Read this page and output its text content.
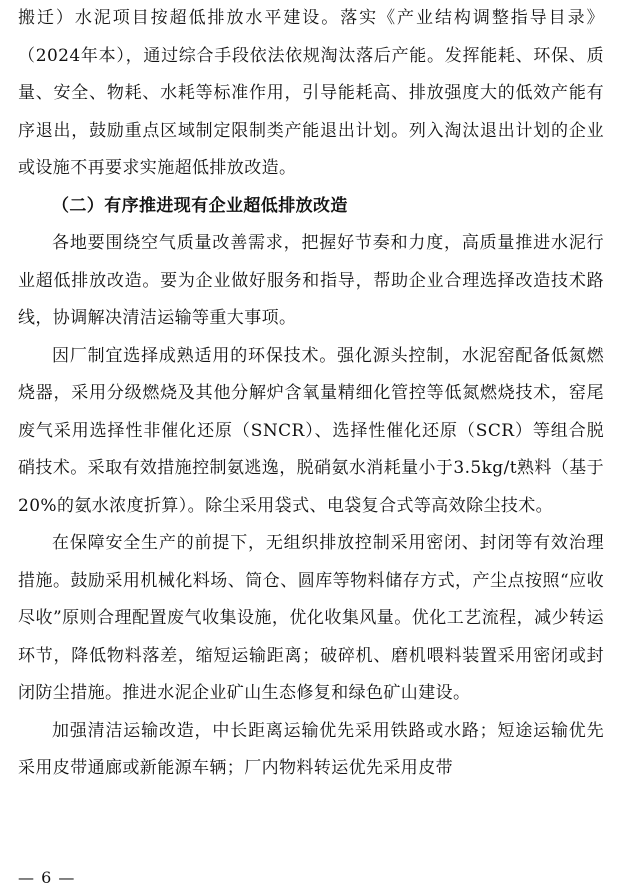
搬迁）水泥项目按超低排放水平建设。落实《产业结构调整指导目录》（2024年本），通过综合手段依法依规淘汰落后产能。发挥能耗、环保、质量、安全、物耗、水耗等标准作用，引导能耗高、排放强度大的低效产能有序退出，鼓励重点区域制定限制类产能退出计划。列入淘汰退出计划的企业或设施不再要求实施超低排放改造。

（二）有序推进现有企业超低排放改造

各地要围绕空气质量改善需求，把握好节奏和力度，高质量推进水泥行业超低排放改造。要为企业做好服务和指导，帮助企业合理选择改造技术路线，协调解决清洁运输等重大事项。

因厂制宜选择成熟适用的环保技术。强化源头控制，水泥窑配备低氮燃烧器，采用分级燃烧及其他分解炉含氧量精细化管控等低氮燃烧技术，窑尾废气采用选择性非催化还原（SNCR）、选择性催化还原（SCR）等组合脱硝技术。采取有效措施控制氨逃逸，脱硝氨水消耗量小于3.5kg/t熟料（基于20%的氨水浓度折算）。除尘采用袋式、电袋复合式等高效除尘技术。

在保障安全生产的前提下，无组织排放控制采用密闭、封闭等有效治理措施。鼓励采用机械化料场、筒仓、圆库等物料储存方式，产尘点按照“应收尽收”原则合理配置废气收集设施，优化收集风量。优化工艺流程，减少转运环节，降低物料落差，缩短运输距离；破碎机、磨机喂料装置采用密闭或封闭防尘措施。推进水泥企业矿山生态修复和绿色矿山建设。

加强清洁运输改造，中长距离运输优先采用铁路或水路；短途运输优先采用皮带通廊或新能源车辆；厂内物料转运优先采用皮带

— 6 —
